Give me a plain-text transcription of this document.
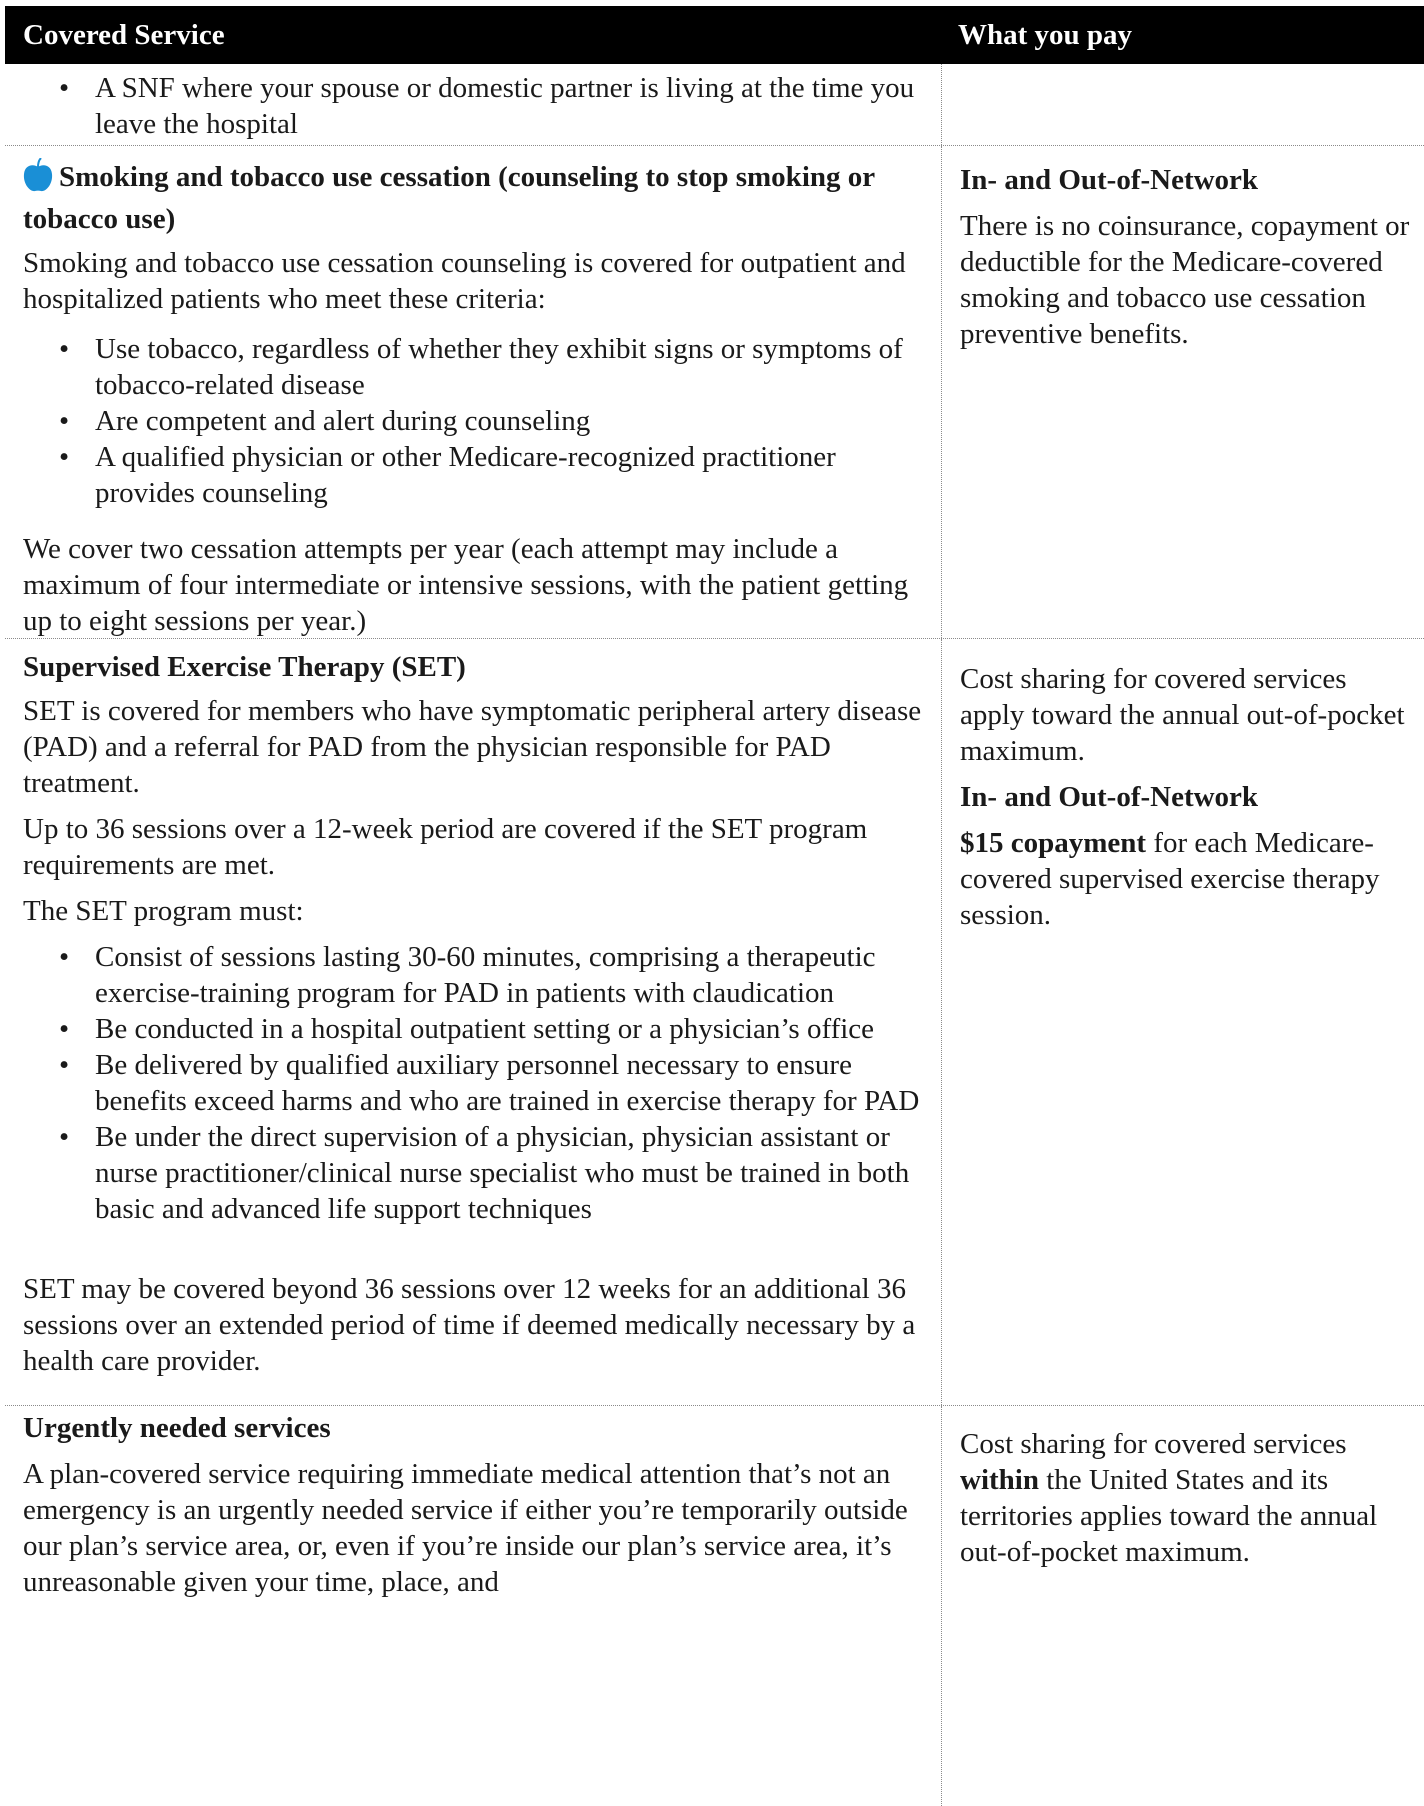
Covered Service	What you pay
• A SNF where your spouse or domestic partner is living at the time you leave the hospital

Smoking and tobacco use cessation (counseling to stop smoking or tobacco use)

Smoking and tobacco use cessation counseling is covered for outpatient and hospitalized patients who meet these criteria:

• Use tobacco, regardless of whether they exhibit signs or symptoms of tobacco-related disease
• Are competent and alert during counseling
• A qualified physician or other Medicare-recognized practitioner provides counseling

We cover two cessation attempts per year (each attempt may include a maximum of four intermediate or intensive sessions, with the patient getting up to eight sessions per year.)

In- and Out-of-Network

There is no coinsurance, copayment or deductible for the Medicare-covered smoking and tobacco use cessation preventive benefits.

Supervised Exercise Therapy (SET)

SET is covered for members who have symptomatic peripheral artery disease (PAD) and a referral for PAD from the physician responsible for PAD treatment.

Up to 36 sessions over a 12-week period are covered if the SET program requirements are met.

The SET program must:

• Consist of sessions lasting 30-60 minutes, comprising a therapeutic exercise-training program for PAD in patients with claudication
• Be conducted in a hospital outpatient setting or a physician’s office
• Be delivered by qualified auxiliary personnel necessary to ensure benefits exceed harms and who are trained in exercise therapy for PAD
• Be under the direct supervision of a physician, physician assistant or nurse practitioner/clinical nurse specialist who must be trained in both basic and advanced life support techniques

SET may be covered beyond 36 sessions over 12 weeks for an additional 36 sessions over an extended period of time if deemed medically necessary by a health care provider.

Cost sharing for covered services apply toward the annual out-of-pocket maximum.

In- and Out-of-Network

$15 copayment for each Medicare-covered supervised exercise therapy session.

Urgently needed services

A plan-covered service requiring immediate medical attention that’s not an emergency is an urgently needed service if either you’re temporarily outside our plan’s service area, or, even if you’re inside our plan’s service area, it’s unreasonable given your time, place, and

Cost sharing for covered services within the United States and its territories applies toward the annual out-of-pocket maximum.
